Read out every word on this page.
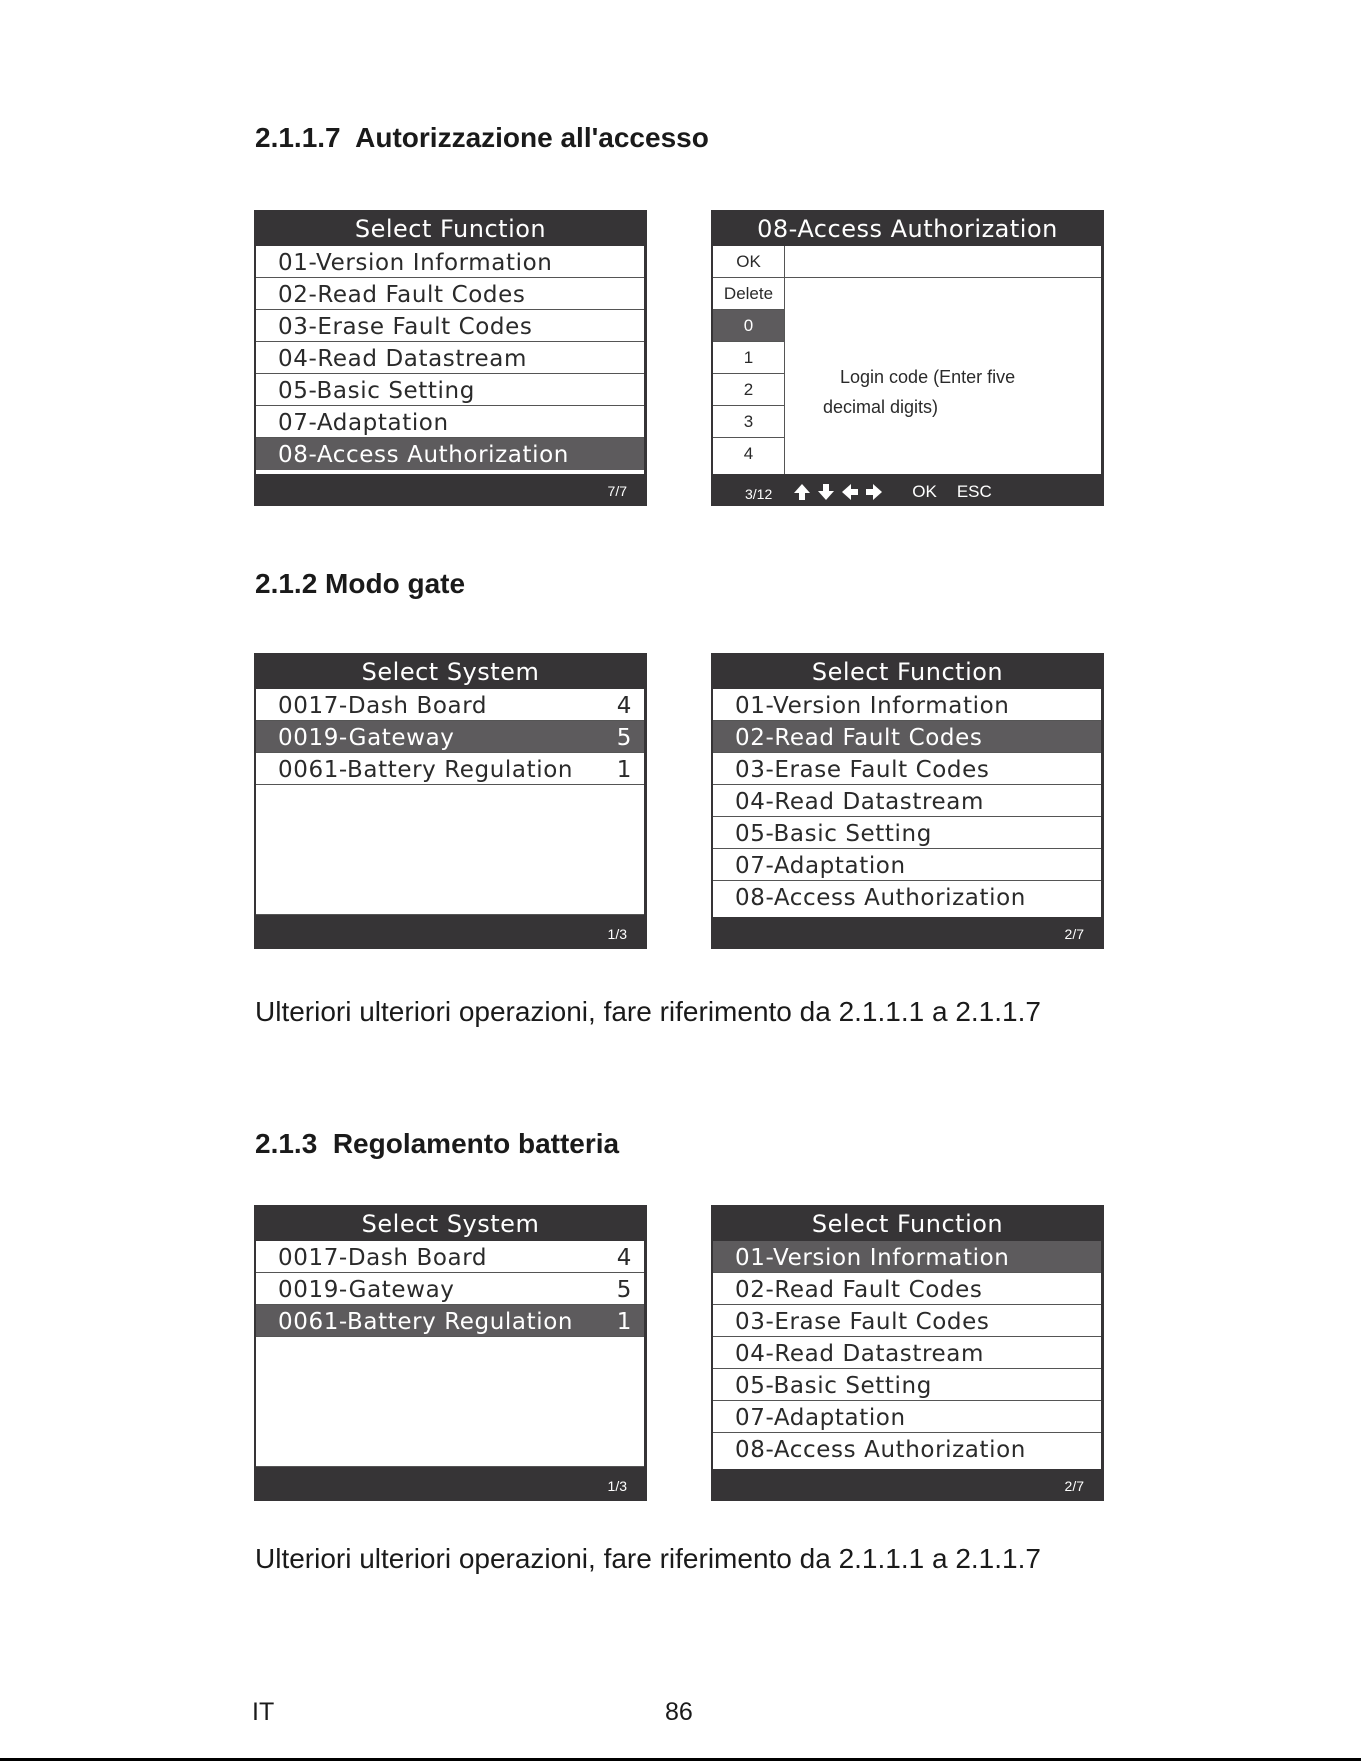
2.1.1.7  Autorizzazione all'accesso
Select Function
01-Version Information
02-Read Fault Codes
03-Erase Fault Codes
04-Read Datastream
05-Basic Setting
07-Adaptation
08-Access Authorization
7/7
08-Access Authorization
OK
Delete
0
1
2
3
4
Login code (Enter five
decimal digits)
3/12	OK ESC
2.1.2 Modo gate
Select System
0017-Dash Board	4
0019-Gateway	5
0061-Battery Regulation 1
1/3
Select Function
01-Version Information
02-Read Fault Codes
03-Erase Fault Codes
04-Read Datastream
05-Basic Setting
07-Adaptation
08-Access Authorization
2/7

Ulteriori ulteriori operazioni, fare riferimento da 2.1.1.1 a 2.1.1.7

2.1.3  Regolamento batteria
Select System
0017-Dash Board	4
0019-Gateway	5
0061-Battery Regulation 1
1/3
Select Function
01-Version Information
02-Read Fault Codes
03-Erase Fault Codes
04-Read Datastream
05-Basic Setting
07-Adaptation
08-Access Authorization
2/7

Ulteriori ulteriori operazioni, fare riferimento da 2.1.1.1 a 2.1.1.7

IT	86
